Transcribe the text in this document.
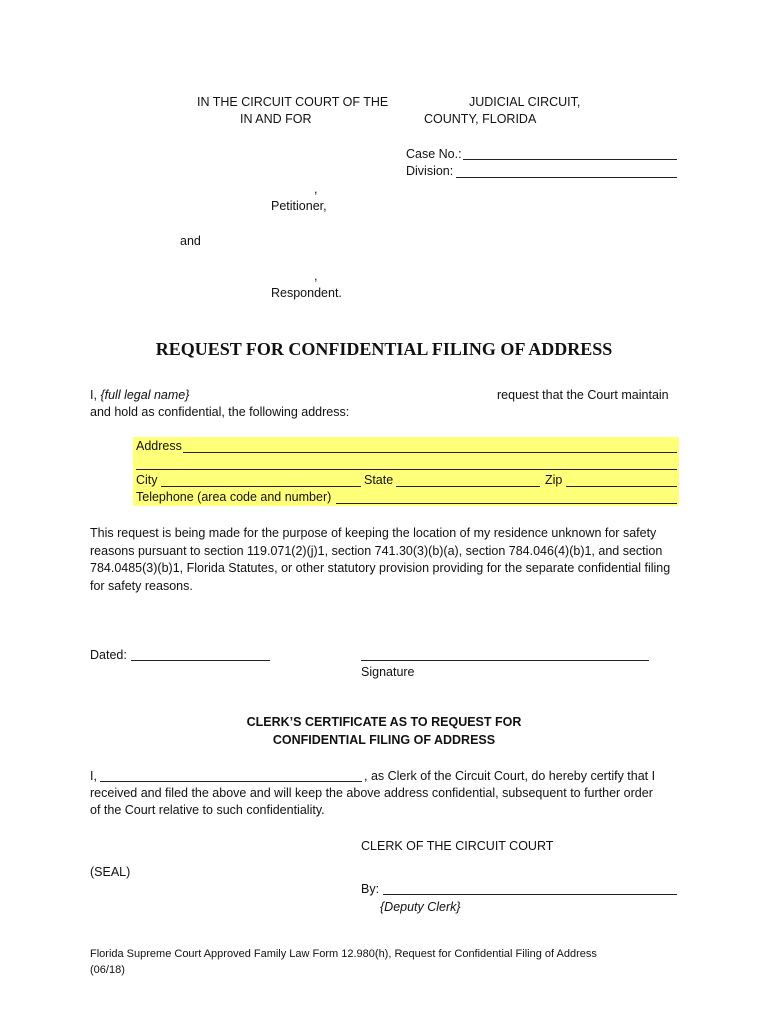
IN THE CIRCUIT COURT OF THE	JUDICIAL CIRCUIT,
IN AND FOR	COUNTY, FLORIDA
Case No.:
Division:
,
Petitioner,
and
,
Respondent.
REQUEST FOR CONFIDENTIAL FILING OF ADDRESS
I, {full legal name}	request that the Court maintain
and hold as confidential, the following address:
Address
City	State	Zip
Telephone (area code and number)
This request is being made for the purpose of keeping the location of my residence unknown for safety reasons pursuant to section 119.071(2)(j)1, section 741.30(3)(b)(a), section 784.046(4)(b)1, and section 784.0485(3)(b)1, Florida Statutes, or other statutory provision providing for the separate confidential filing for safety reasons.
Dated:
Signature
CLERK’S CERTIFICATE AS TO REQUEST FOR
CONFIDENTIAL FILING OF ADDRESS
I,	, as Clerk of the Circuit Court, do hereby certify that I
received and filed the above and will keep the above address confidential, subsequent to further order
of the Court relative to such confidentiality.
CLERK OF THE CIRCUIT COURT
(SEAL)
By:
{Deputy Clerk}
Florida Supreme Court Approved Family Law Form 12.980(h), Request for Confidential Filing of Address
(06/18)
